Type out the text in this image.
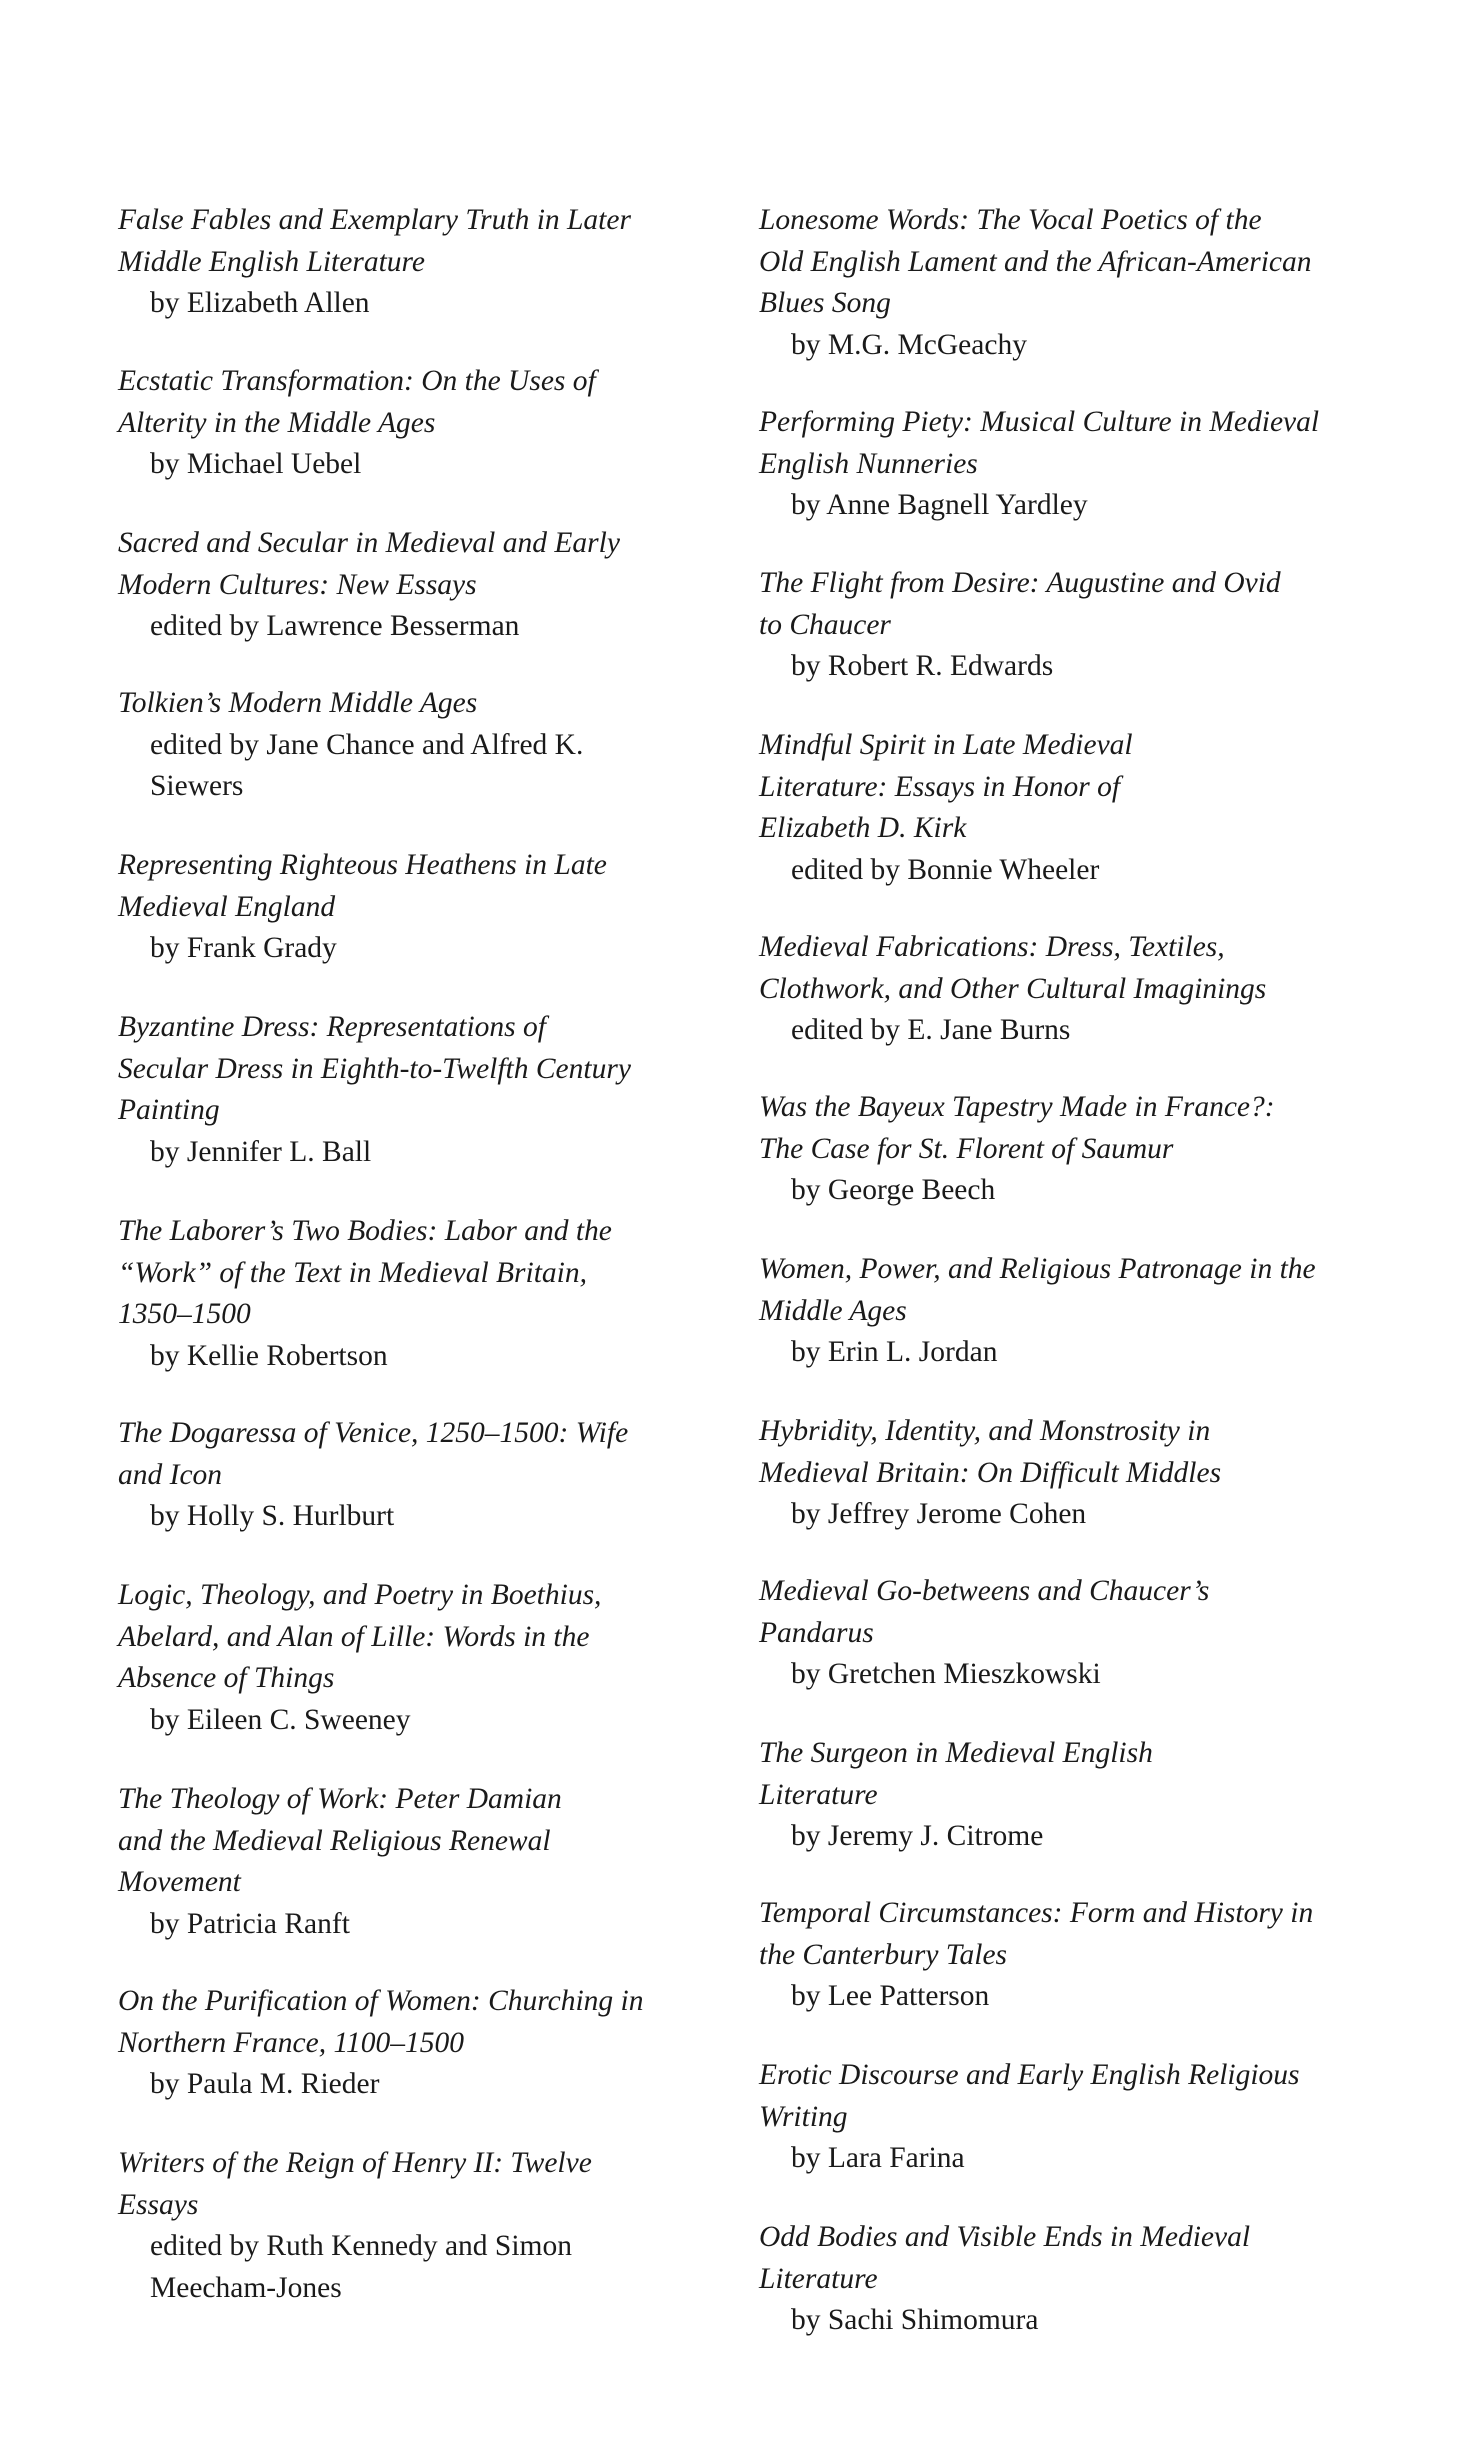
False Fables and Exemplary Truth in Later
Middle English Literature
by Elizabeth Allen
Ecstatic Transformation: On the Uses of
Alterity in the Middle Ages
by Michael Uebel
Sacred and Secular in Medieval and Early
Modern Cultures: New Essays
edited by Lawrence Besserman
Tolkien’s Modern Middle Ages
edited by Jane Chance and Alfred K.
Siewers
Representing Righteous Heathens in Late
Medieval England
by Frank Grady
Byzantine Dress: Representations of
Secular Dress in Eighth-to-Twelfth Century
Painting
by Jennifer L. Ball
The Laborer’s Two Bodies: Labor and the
“Work” of the Text in Medieval Britain,
1350–1500
by Kellie Robertson
The Dogaressa of Venice, 1250–1500: Wife
and Icon
by Holly S. Hurlburt
Logic, Theology, and Poetry in Boethius,
Abelard, and Alan of Lille: Words in the
Absence of Things
by Eileen C. Sweeney
The Theology of Work: Peter Damian
and the Medieval Religious Renewal
Movement
by Patricia Ranft
On the Purification of Women: Churching in
Northern France, 1100–1500
by Paula M. Rieder
Writers of the Reign of Henry II: Twelve
Essays
edited by Ruth Kennedy and Simon
Meecham-Jones
Lonesome Words: The Vocal Poetics of the
Old English Lament and the African-American
Blues Song
by M.G. McGeachy
Performing Piety: Musical Culture in Medieval
English Nunneries
by Anne Bagnell Yardley
The Flight from Desire: Augustine and Ovid
to Chaucer
by Robert R. Edwards
Mindful Spirit in Late Medieval
Literature: Essays in Honor of
Elizabeth D. Kirk
edited by Bonnie Wheeler
Medieval Fabrications: Dress, Textiles,
Clothwork, and Other Cultural Imaginings
edited by E. Jane Burns
Was the Bayeux Tapestry Made in France?:
The Case for St. Florent of Saumur
by George Beech
Women, Power, and Religious Patronage in the
Middle Ages
by Erin L. Jordan
Hybridity, Identity, and Monstrosity in
Medieval Britain: On Difficult Middles
by Jeffrey Jerome Cohen
Medieval Go-betweens and Chaucer’s
Pandarus
by Gretchen Mieszkowski
The Surgeon in Medieval English
Literature
by Jeremy J. Citrome
Temporal Circumstances: Form and History in
the Canterbury Tales
by Lee Patterson
Erotic Discourse and Early English Religious
Writing
by Lara Farina
Odd Bodies and Visible Ends in Medieval
Literature
by Sachi Shimomura
